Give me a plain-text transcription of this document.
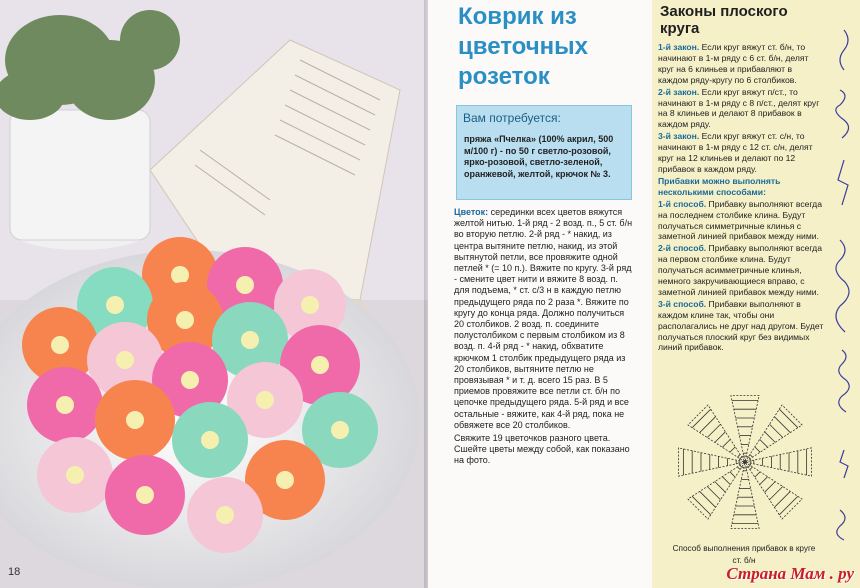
18
Коврик из цветочных розеток
Вам потребуется:
пряжа «Пчелка» (100% акрил, 500 м/100 г) - по 50 г светло-розовой, ярко-розовой, светло-зеленой, оранжевой, желтой, крючок № 3.
Цветок: серединки всех цветов вяжутся желтой нитью. 1-й ряд - 2 возд. п., 5 ст. б/н во вторую петлю. 2-й ряд - * накид, из центра вытяните петлю, накид, из этой вытянутой петли, все провяжите одной петлей * (= 10 п.). Вяжите по кругу. 3-й ряд - смените цвет нити и вяжите 8 возд. п. для подъема, * ст. с/3 н в каждую петлю предыдущего ряда по 2 раза *. Вяжите по кругу до конца ряда. Должно получиться 20 столбиков. 2 возд. п. соедините полустолбиком с первым столбиком из 8 возд. п. 4-й ряд - * накид, обхватите крючком 1 столбик предыдущего ряда из 20 столбиков, вытяните петлю не провязывая * и т. д. всего 15 раз. В 5 приемов провяжите все петли ст. б/н по цепочке предыдущего ряда. 5-й ряд и все остальные - вяжите, как 4-й ряд, пока не обвяжете все 20 столбиков.
Свяжите 19 цветочков разного цвета. Сшейте цветы между собой, как показано на фото.
Законы плоского круга

1-й закон. Если круг вяжут ст. б/н, то начинают в 1-м ряду с 6 ст. б/н, делят круг на 6 клиньев и прибавляют в каждом ряду-кругу по 6 столбиков.

2-й закон. Если круг вяжут п/ст., то начинают в 1-м ряду с 8 п/ст., делят круг на 8 клиньев и делают 8 прибавок в каждом ряду.

3-й закон. Если круг вяжут ст. с/н, то начинают в 1-м ряду с 12 ст. с/н, делят круг на 12 клиньев и делают по 12 прибавок в каждом ряду.

Прибавки можно выполнять несколькими способами:

1-й способ. Прибавку выполняют всегда на последнем столбике клина. Будут получаться симметричные клинья с заметной линией прибавок между ними.

2-й способ. Прибавку выполняют всегда на первом столбике клина. Будут получаться асимметричные клинья, немного закручивающиеся вправо, с заметной линией прибавок между ними.

3-й способ. Прибавки выполняют в каждом клине так, чтобы они располагались не друг над другом. Будет получаться плоский круг без видимых линий прибавок.

Способ выполнения прибавок в круге
ст. б/н
Страна Мам . ру
